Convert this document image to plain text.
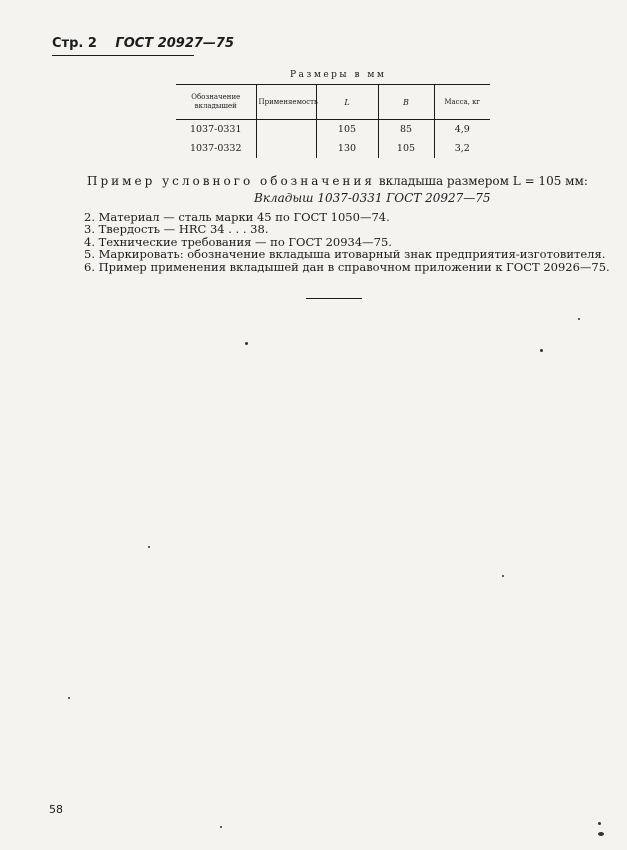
Стр. 2 ГОСТ 20927—75
Размеры в мм
Обозначение вкладышей	Применяемость	L	B	Масса, кг
1037-0331		105	85	4,9
1037-0332		130	105	3,2
Пример условного обозначения вкладыша размером L = 105 мм:
Вкладыш 1037-0331 ГОСТ 20927—75
2. Материал — сталь марки 45 по ГОСТ 1050—74.
3. Твердость — HRC 34 . . . 38.
4. Технические требования — по ГОСТ 20934—75.
5. Маркировать: обозначение вкладыша итоварный знак предприятия-изготовителя.
6. Пример применения вкладышей дан в справочном приложении к ГОСТ 20926—75.
58
